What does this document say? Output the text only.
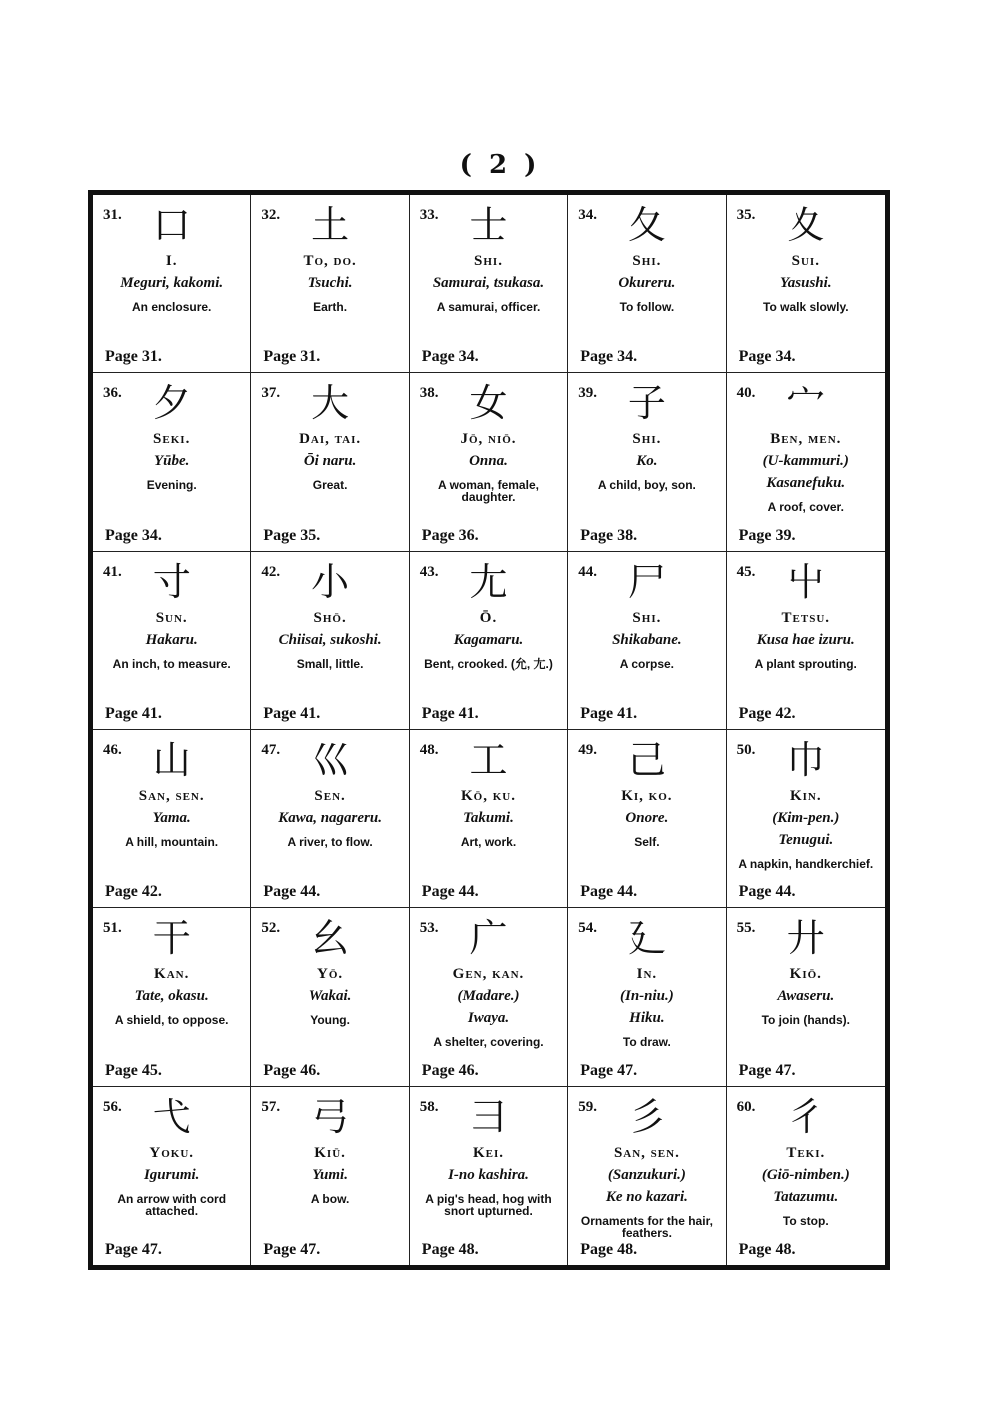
( 2 )
31. 口
I.
Meguri, kakomi.
An enclosure.
Page 31.
32. 土
To, do.
Tsuchi.
Earth.
Page 31.
33. 士
Shi.
Samurai, tsukasa.
A samurai, officer.
Page 34.
34. 夂
Shi.
Okureru.
To follow.
Page 34.
35. 夊
Sui.
Yasushi.
To walk slowly.
Page 34.
36. 夕
Seki.
Yūbe.
Evening.
Page 34.
37. 大
Dai, tai.
Ōi naru.
Great.
Page 35.
38. 女
Jō, niō.
Onna.
A woman, female, daughter.
Page 36.
39. 子
Shi.
Ko.
A child, boy, son.
Page 38.
40. 宀
Ben, men.
(U-kammuri.)
Kasanefuku.
A roof, cover.
Page 39.
41. 寸
Sun.
Hakaru.
An inch, to measure.
Page 41.
42. 小
Shō.
Chiisai, sukoshi.
Small, little.
Page 41.
43. 尢
Ō.
Kagamaru.
Bent, crooked. (允, 尢.)
Page 41.
44. 尸
Shi.
Shikabane.
A corpse.
Page 41.
45. 屮
Tetsu.
Kusa hae izuru.
A plant sprouting.
Page 42.
46. 山
San, sen.
Yama.
A hill, mountain.
Page 42.
47. 巛
Sen.
Kawa, nagareru.
A river, to flow.
Page 44.
48. 工
Kō, ku.
Takumi.
Art, work.
Page 44.
49. 己
Ki, ko.
Onore.
Self.
Page 44.
50. 巾
Kin.
(Kim-pen.)
Tenugui.
A napkin, handkerchief.
Page 44.
51. 干
Kan.
Tate, okasu.
A shield, to oppose.
Page 45.
52. 幺
Yō.
Wakai.
Young.
Page 46.
53. 广
Gen, kan.
(Madare.)
Iwaya.
A shelter, covering.
Page 46.
54. 廴
In.
(In-niu.)
Hiku.
To draw.
Page 47.
55. 廾
Kiō.
Awaseru.
To join (hands).
Page 47.
56. 弋
Yoku.
Igurumi.
An arrow with cord attached.
Page 47.
57. 弓
Kiū.
Yumi.
A bow.
Page 47.
58. 彐
Kei.
I-no kashira.
A pig's head, hog with snort upturned.
Page 48.
59. 彡
San, sen.
(Sanzukuri.)
Ke no kazari.
Ornaments for the hair, feathers.
Page 48.
60. 彳
Teki.
(Giō-nimben.)
Tatazumu.
To stop.
Page 48.
